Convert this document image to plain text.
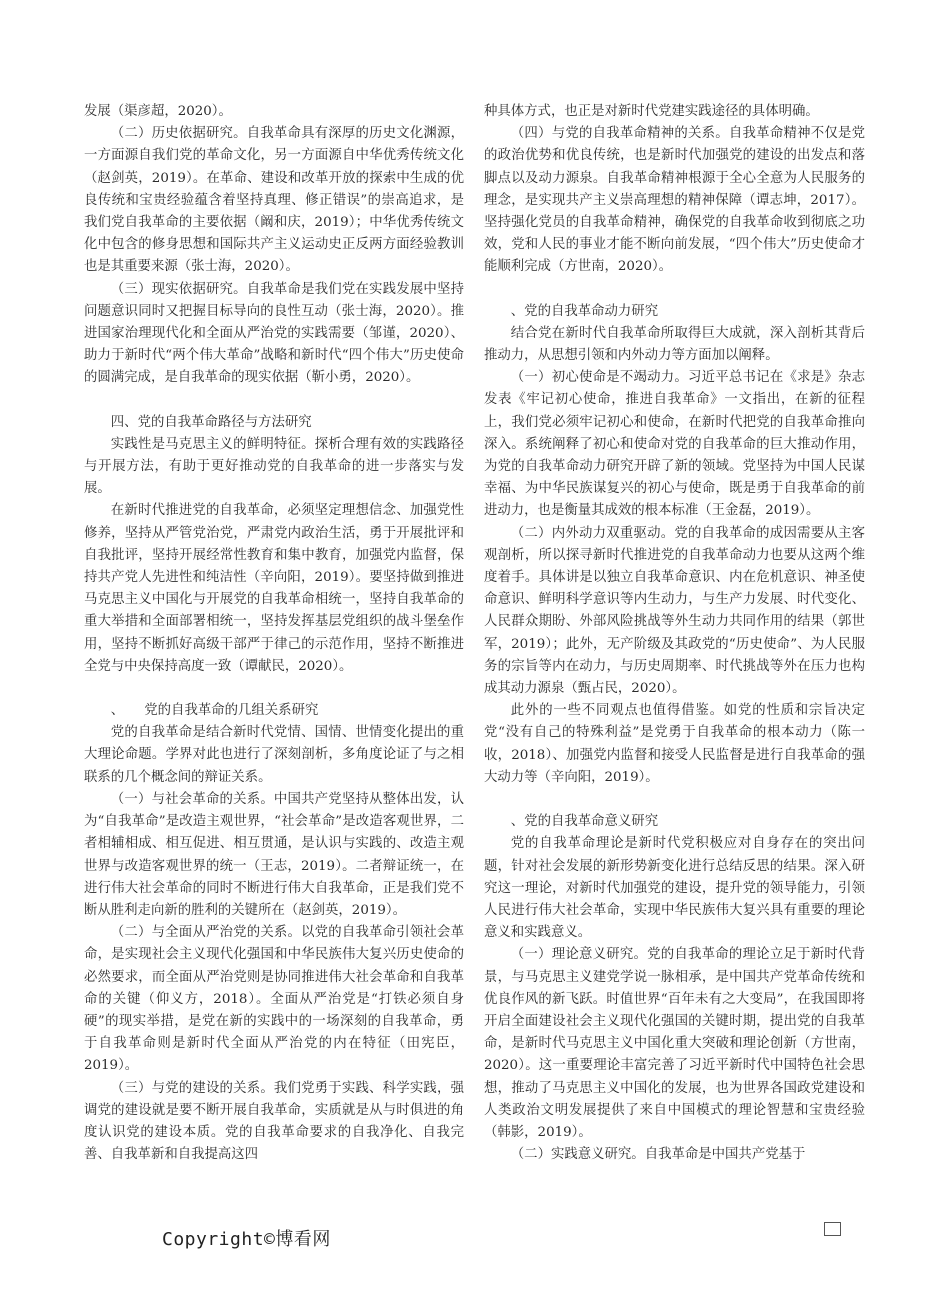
发展（渠彦超，2020）。

（二）历史依据研究。自我革命具有深厚的历史文化渊源，一方面源自我们党的革命文化，另一方面源自中华优秀传统文化（赵剑英，2019）。在革命、建设和改革开放的探索中生成的优良传统和宝贵经验蕴含着坚持真理、修正错误”的崇高追求，是我们党自我革命的主要依据（阚和庆，2019）；中华优秀传统文化中包含的修身思想和国际共产主义运动史正反两方面经验教训也是其重要来源（张士海，2020）。

（三）现实依据研究。自我革命是我们党在实践发展中坚持问题意识同时又把握目标导向的良性互动（张士海，2020）。推进国家治理现代化和全面从严治党的实践需要（邹谨，2020）、助力于新时代“两个伟大革命”战略和新时代“四个伟大”历史使命的圆满完成，是自我革命的现实依据（靳小勇，2020）。

四、党的自我革命路径与方法研究

实践性是马克思主义的鲜明特征。探析合理有效的实践路径与开展方法，有助于更好推动党的自我革命的进一步落实与发展。

在新时代推进党的自我革命，必须坚定理想信念、加强党性修养，坚持从严管党治党，严肃党内政治生活，勇于开展批评和自我批评，坚持开展经常性教育和集中教育，加强党内监督，保持共产党人先进性和纯洁性（辛向阳，2019）。要坚持做到推进马克思主义中国化与开展党的自我革命相统一，坚持自我革命的重大举措和全面部署相统一，坚持发挥基层党组织的战斗堡垒作用，坚持不断抓好高级干部严于律己的示范作用，坚持不断推进全党与中央保持高度一致（谭献民，2020）。

、　　党的自我革命的几组关系研究

党的自我革命是结合新时代党情、国情、世情变化提出的重大理论命题。学界对此也进行了深刻剖析，多角度论证了与之相联系的几个概念间的辩证关系。

（一）与社会革命的关系。中国共产党坚持从整体出发，认为“自我革命”是改造主观世界，“社会革命”是改造客观世界，二者相辅相成、相互促进、相互贯通，是认识与实践的、改造主观世界与改造客观世界的统一（王志，2019）。二者辩证统一，在进行伟大社会革命的同时不断进行伟大自我革命，正是我们党不断从胜利走向新的胜利的关键所在（赵剑英，2019）。

（二）与全面从严治党的关系。以党的自我革命引领社会革命，是实现社会主义现代化强国和中华民族伟大复兴历史使命的必然要求，而全面从严治党则是协同推进伟大社会革命和自我革命的关键（仰义方，2018）。全面从严治党是“打铁必须自身硬”的现实举措，是党在新的实践中的一场深刻的自我革命，勇于自我革命则是新时代全面从严治党的内在特征（田宪臣，2019）。

（三）与党的建设的关系。我们党勇于实践、科学实践，强调党的建设就是要不断开展自我革命，实质就是从与时俱进的角度认识党的建设本质。党的自我革命要求的自我净化、自我完善、自我革新和自我提高这四

种具体方式，也正是对新时代党建实践途径的具体明确。

（四）与党的自我革命精神的关系。自我革命精神不仅是党的政治优势和优良传统，也是新时代加强党的建设的出发点和落脚点以及动力源泉。自我革命精神根源于全心全意为人民服务的理念，是实现共产主义崇高理想的精神保障（谭志坤，2017）。坚持强化党员的自我革命精神，确保党的自我革命收到彻底之功效，党和人民的事业才能不断向前发展，“四个伟大”历史使命才能顺利完成（方世南，2020）。

、党的自我革命动力研究

结合党在新时代自我革命所取得巨大成就，深入剖析其背后推动力，从思想引领和内外动力等方面加以阐释。

（一）初心使命是不竭动力。习近平总书记在《求是》杂志发表《牢记初心使命，推进自我革命》一文指出，在新的征程上，我们党必须牢记初心和使命，在新时代把党的自我革命推向深入。系统阐释了初心和使命对党的自我革命的巨大推动作用，为党的自我革命动力研究开辟了新的领域。党坚持为中国人民谋幸福、为中华民族谋复兴的初心与使命，既是勇于自我革命的前进动力，也是衡量其成效的根本标准（王金磊，2019）。

（二）内外动力双重驱动。党的自我革命的成因需要从主客观剖析，所以探寻新时代推进党的自我革命动力也要从这两个维度着手。具体讲是以独立自我革命意识、内在危机意识、神圣使命意识、鲜明科学意识等内生动力，与生产力发展、时代变化、人民群众期盼、外部风险挑战等外生动力共同作用的结果（郭世军，2019）；此外，无产阶级及其政党的“历史使命”、为人民服务的宗旨等内在动力，与历史周期率、时代挑战等外在压力也构成其动力源泉（甄占民，2020）。

此外的一些不同观点也值得借鉴。如党的性质和宗旨决定党“没有自己的特殊利益”是党勇于自我革命的根本动力（陈一收，2018）、加强党内监督和接受人民监督是进行自我革命的强大动力等（辛向阳，2019）。

、党的自我革命意义研究

党的自我革命理论是新时代党积极应对自身存在的突出问题，针对社会发展的新形势新变化进行总结反思的结果。深入研究这一理论，对新时代加强党的建设，提升党的领导能力，引领人民进行伟大社会革命，实现中华民族伟大复兴具有重要的理论意义和实践意义。

（一）理论意义研究。党的自我革命的理论立足于新时代背景，与马克思主义建党学说一脉相承，是中国共产党革命传统和优良作风的新飞跃。时值世界“百年未有之大变局”，在我国即将开启全面建设社会主义现代化强国的关键时期，提出党的自我革命，是新时代马克思主义中国化重大突破和理论创新（方世南，2020）。这一重要理论丰富完善了习近平新时代中国特色社会思想，推动了马克思主义中国化的发展，也为世界各国政党建设和人类政治文明发展提供了来自中国模式的理论智慧和宝贵经验（韩影，2019）。

（二）实践意义研究。自我革命是中国共产党基于

Copyright©博看网
